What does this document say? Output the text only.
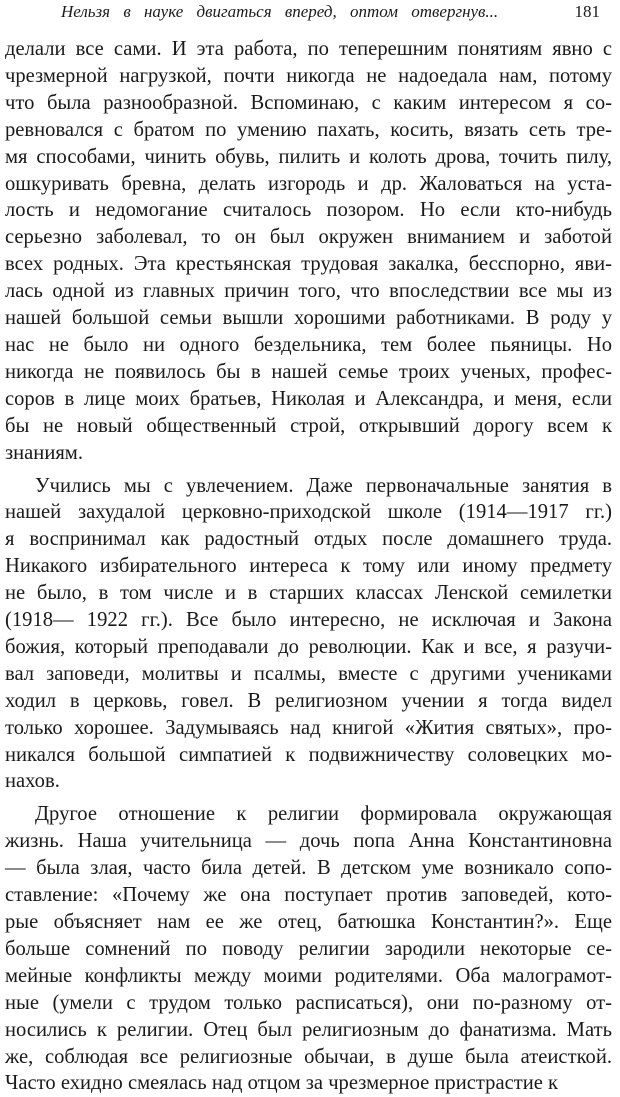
Нельзя в науке двигаться вперед, оптом отвергнув...	181
делали все сами. И эта работа, по теперешним понятиям явно с
чрезмерной нагрузкой, почти никогда не надоедала нам, потому
что была разнообразной. Вспоминаю, с каким интересом я со-
ревновался с братом по умению пахать, косить, вязать сеть тре-
мя способами, чинить обувь, пилить и колоть дрова, точить пилу,
ошкуривать бревна, делать изгородь и др. Жаловаться на уста-
лость и недомогание считалось позором. Но если кто-нибудь
серьезно заболевал, то он был окружен вниманием и заботой
всех родных. Эта крестьянская трудовая закалка, бесспорно, яви-
лась одной из главных причин того, что впоследствии все мы из
нашей большой семьи вышли хорошими работниками. В роду у
нас не было ни одного бездельника, тем более пьяницы. Но
никогда не появилось бы в нашей семье троих ученых, профес-
соров в лице моих братьев, Николая и Александра, и меня, если
бы не новый общественный строй, открывший дорогу всем к
знаниям.
Учились мы с увлечением. Даже первоначальные занятия в
нашей захудалой церковно-приходской школе (1914—1917 гг.)
я воспринимал как радостный отдых после домашнего труда.
Никакого избирательного интереса к тому или иному предмету
не было, в том числе и в старших классах Ленской семилетки
(1918— 1922 гг.). Все было интересно, не исключая и Закона
божия, который преподавали до революции. Как и все, я разучи-
вал заповеди, молитвы и псалмы, вместе с другими учениками
ходил в церковь, говел. В религиозном учении я тогда видел
только хорошее. Задумываясь над книгой «Жития святых», про-
никался большой симпатией к подвижничеству соловецких мо-
нахов.
Другое отношение к религии формировала окружающая
жизнь. Наша учительница — дочь попа Анна Константиновна
— была злая, часто била детей. В детском уме возникало сопо-
ставление: «Почему же она поступает против заповедей, кото-
рые объясняет нам ее же отец, батюшка Константин?». Еще
больше сомнений по поводу религии зародили некоторые се-
мейные конфликты между моими родителями. Оба малограмот-
ные (умели с трудом только расписаться), они по-разному от-
носились к религии. Отец был религиозным до фанатизма. Мать
же, соблюдая все религиозные обычаи, в душе была атеисткой.
Часто ехидно смеялась над отцом за чрезмерное пристрастие к
